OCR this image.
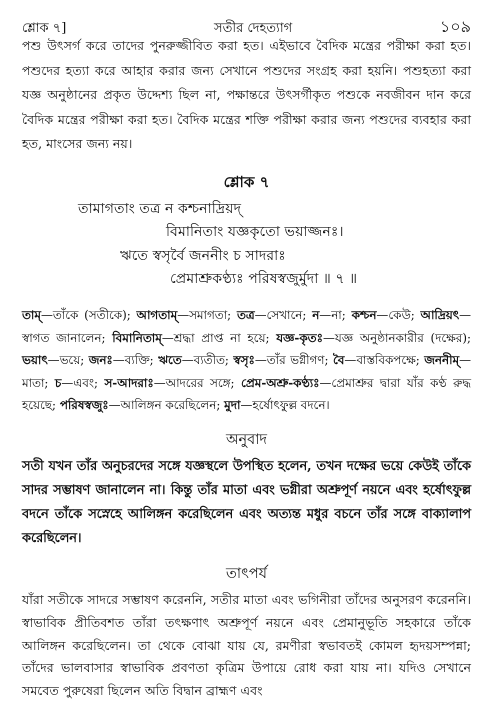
শ্লোক ৭]	সতীর দেহত্যাগ	১০৯

পশু উৎসর্গ করে তাদের পুনরুজ্জীবিত করা হত। এইভাবে বৈদিক মন্ত্রের পরীক্ষা করা হত। পশুদের হত্যা করে আহার করার জন্য সেখানে পশুদের সংগ্রহ করা হয়নি। পশুহত্যা করা যজ্ঞ অনুষ্ঠানের প্রকৃত উদ্দেশ্য ছিল না, পক্ষান্তরে উৎসর্গীকৃত পশুকে নবজীবন দান করে বৈদিক মন্ত্রের পরীক্ষা করা হত। বৈদিক মন্ত্রের শক্তি পরীক্ষা করার জন্য পশুদের ব্যবহার করা হত, মাংসের জন্য নয়।

শ্লোক ৭
তামাগতাং তত্র ন কশ্চনাদ্রিয়দ্
বিমানিতাং যজ্ঞকৃতো ভয়াজ্জনঃ।
ঋতে স্বসৃর্বৈ জননীং চ সাদরাঃ
প্রেমাশ্রুকণ্ঠ্যঃ পরিষস্বজুর্মুদা ॥ ৭ ॥
তাম্—তাঁকে (সতীকে); আগতাম্—সমাগতা; তত্র—সেখানে; ন—না; কশ্চন—কেউ; আদ্রিয়ৎ—স্বাগত জানালেন; বিমানিতাম্—শ্রদ্ধা প্রাপ্ত না হয়ে; যজ্ঞ-কৃতঃ—যজ্ঞ অনুষ্ঠানকারীর (দক্ষের); ভয়াৎ—ভয়ে; জনঃ—ব্যক্তি; ঋতে—ব্যতীত; স্বসৃঃ—তাঁর ভগ্নীগণ; বৈ—বাস্তবিকপক্ষে; জননীম্—মাতা; চ—এবং; স-আদরাঃ—আদরের সঙ্গে; প্রেম-অশ্রু-কণ্ঠ্যঃ—প্রেমাশ্রুর দ্বারা যাঁর কণ্ঠ রুদ্ধ হয়েছে; পরিষস্বজুঃ—আলিঙ্গন করেছিলেন; মুদা—হর্ষোৎফুল্ল বদনে।
অনুবাদ

সতী যখন তাঁর অনুচরদের সঙ্গে যজ্ঞস্থলে উপস্থিত হলেন, তখন দক্ষের ভয়ে কেউই তাঁকে সাদর সম্ভাষণ জানালেন না। কিন্তু তাঁর মাতা এবং ভগ্নীরা অশ্রুপূর্ণ নয়নে এবং হর্ষোৎফুল্ল বদনে তাঁকে সস্নেহে আলিঙ্গন করেছিলেন এবং অত্যন্ত মধুর বচনে তাঁর সঙ্গে বাক্যালাপ করেছিলেন।

তাৎপর্য

যাঁরা সতীকে সাদরে সম্ভাষণ করেননি, সতীর মাতা এবং ভগিনীরা তাঁদের অনুসরণ করেননি। স্বাভাবিক প্রীতিবশত তাঁরা তৎক্ষণাৎ অশ্রুপূর্ণ নয়নে এবং প্রেমানুভূতি সহকারে তাঁকে আলিঙ্গন করেছিলেন। তা থেকে বোঝা যায় যে, রমণীরা স্বভাবতই কোমল হৃদয়সম্পন্না; তাঁদের ভালবাসার স্বাভাবিক প্রবণতা কৃত্রিম উপায়ে রোধ করা যায় না। যদিও সেখানে সমবেত পুরুষেরা ছিলেন অতি বিদ্বান ব্রাহ্মণ এবং
